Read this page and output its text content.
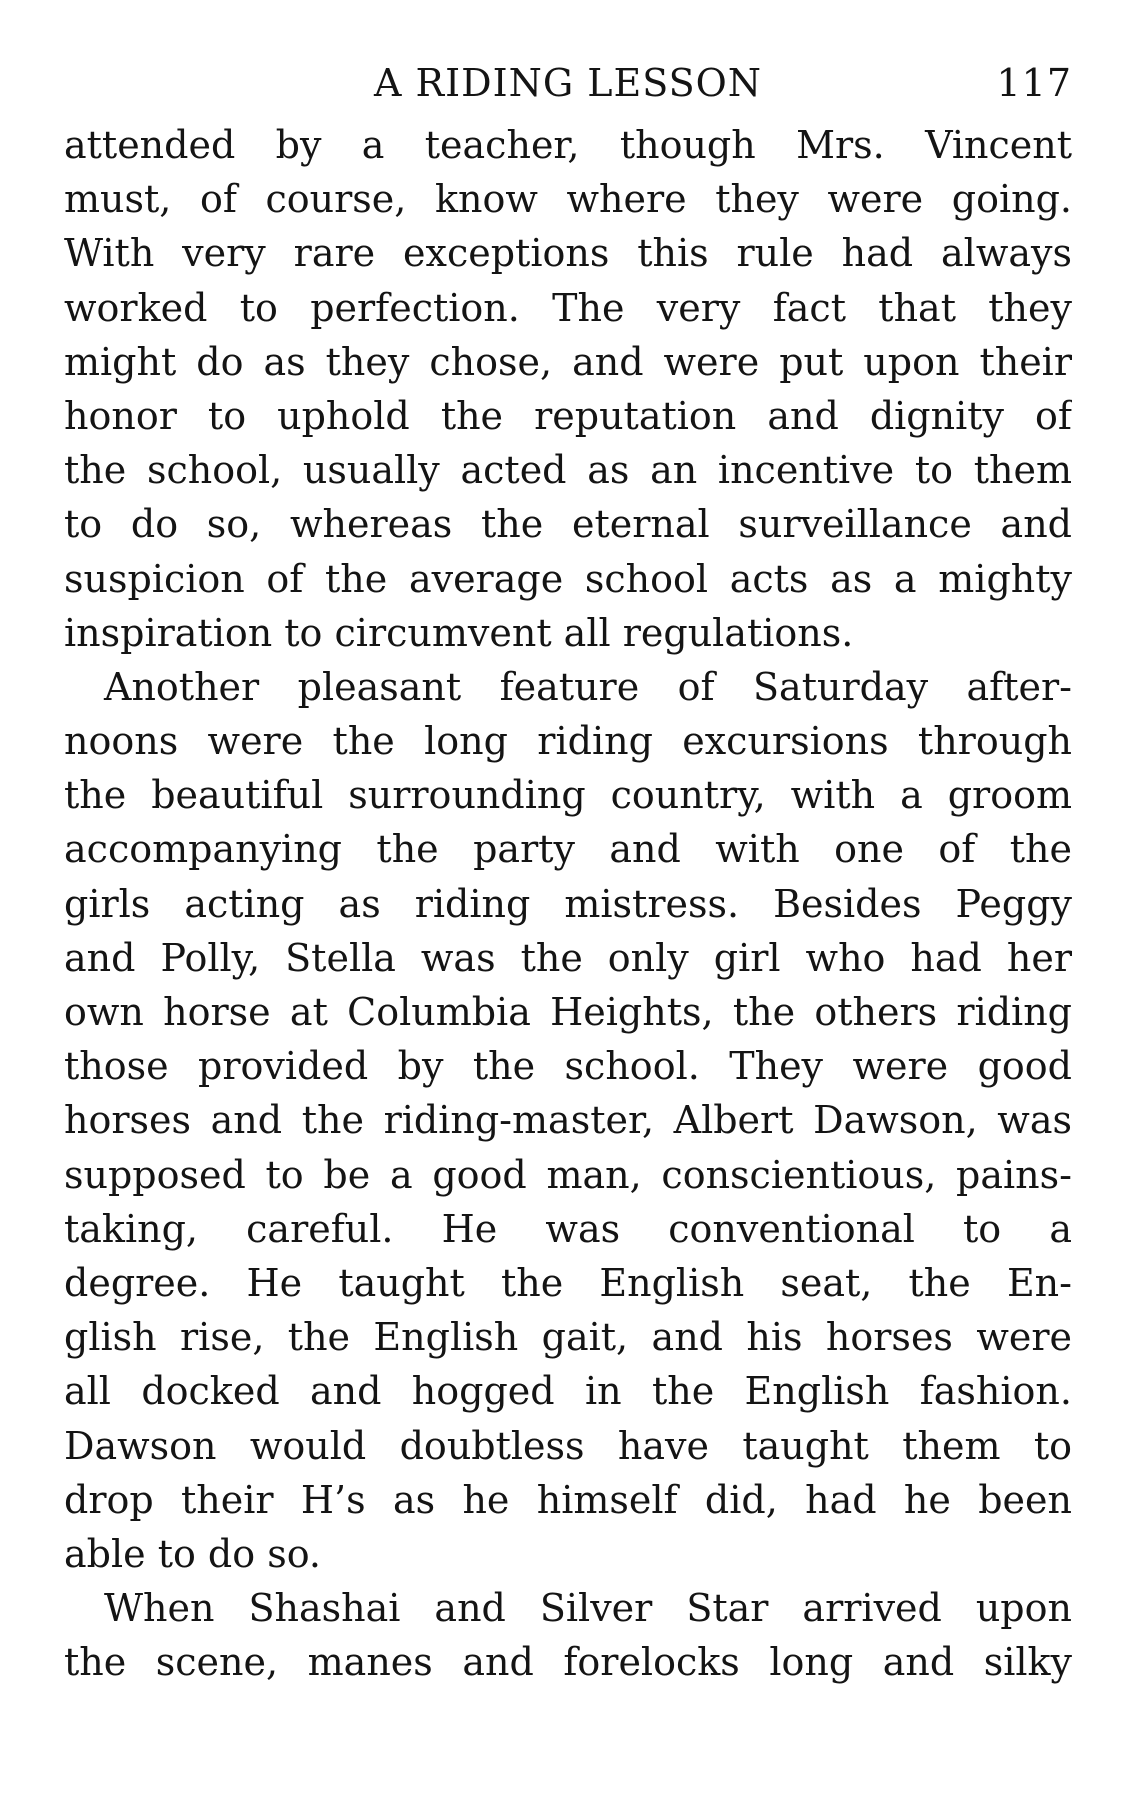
A RIDING LESSON	117
attended by a teacher, though Mrs. Vincent
must, of course, know where they were going.
With very rare exceptions this rule had always
worked to perfection. The very fact that they
might do as they chose, and were put upon their
honor to uphold the reputation and dignity of
the school, usually acted as an incentive to them
to do so, whereas the eternal surveillance and
suspicion of the average school acts as a mighty
inspiration to circumvent all regulations.
Another pleasant feature of Saturday after-
noons were the long riding excursions through
the beautiful surrounding country, with a groom
accompanying the party and with one of the
girls acting as riding mistress. Besides Peggy
and Polly, Stella was the only girl who had her
own horse at Columbia Heights, the others riding
those provided by the school. They were good
horses and the riding-master, Albert Dawson, was
supposed to be a good man, conscientious, pains-
taking, careful. He was conventional to a
degree. He taught the English seat, the En-
glish rise, the English gait, and his horses were
all docked and hogged in the English fashion.
Dawson would doubtless have taught them to
drop their H’s as he himself did, had he been
able to do so.
When Shashai and Silver Star arrived upon
the scene, manes and forelocks long and silky
